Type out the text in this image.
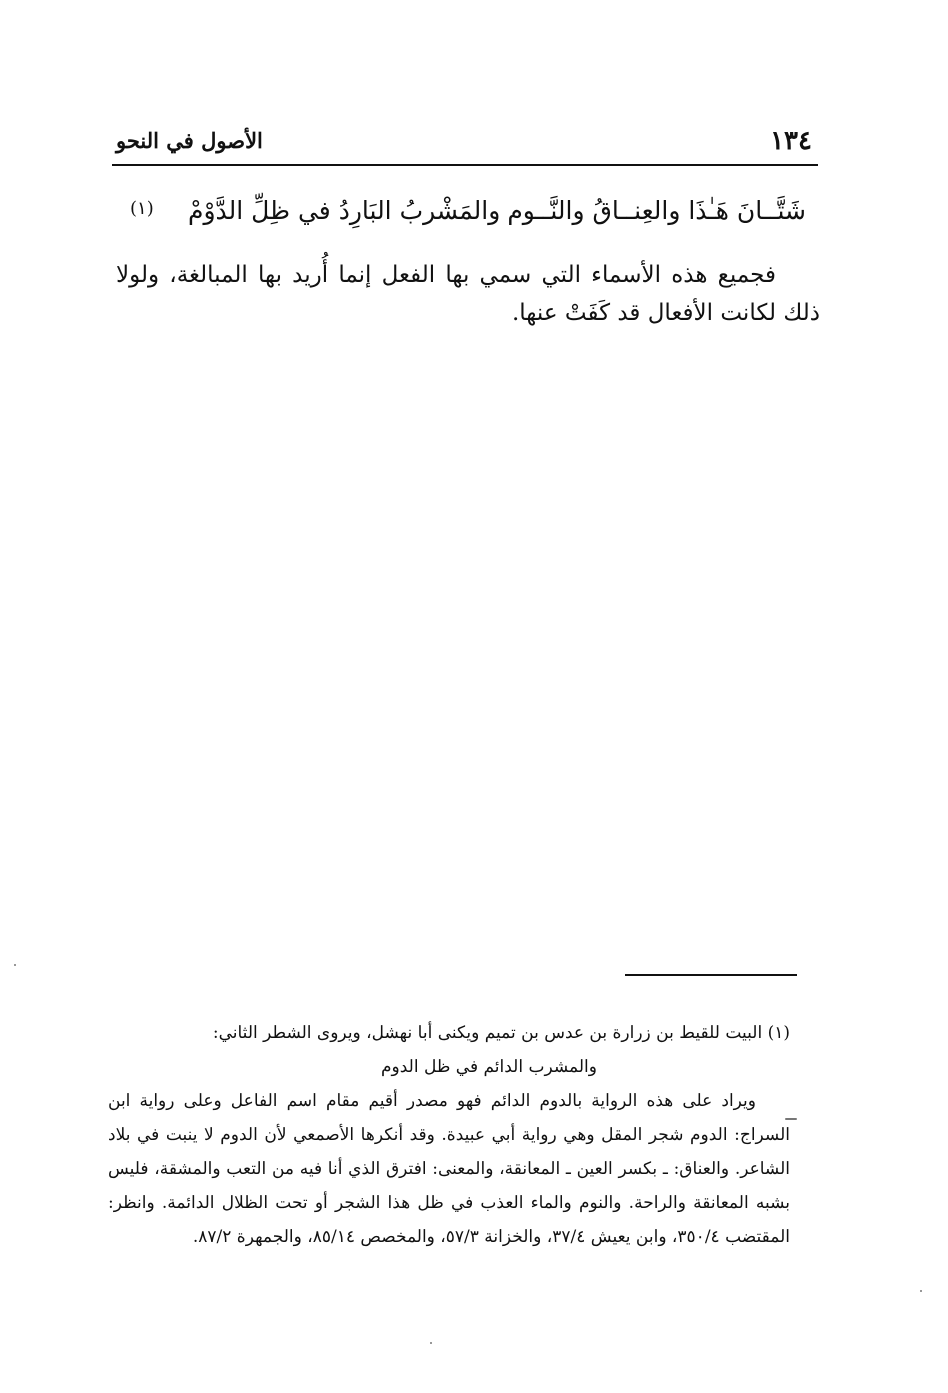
١٣٤
الأصول في النحو
شَتَّــانَ هَـٰذَا والعِنــاقُ والنَّــوم
والمَشْربُ البَارِدُ في ظِلِّ الدَّوْمْ
(١)

فجميع هذه الأسماء التي سمي بها الفعل إنما أُريد بها المبالغة، ولولا ذلك لكانت الأفعال قد كَفَتْ عنها.

(١) البيت للقيط بن زرارة بن عدس بن تميم ويكنى أبا نهشل، ويروى الشطر الثاني:

والمشرب الدائم في ظل الدوم

ويراد على هذه الرواية بالدوم الدائم فهو مصدر أقيم مقام اسم الفاعل وعلى رواية ابن السراج: الدوم شجر المقل وهي رواية أبي عبيدة. وقد أنكرها الأصمعي لأن الدوم لا ينبت في بلاد الشاعر. والعناق: ـ بكسر العين ـ المعانقة، والمعنى: افترق الذي أنا فيه من التعب والمشقة، فليس بشبه المعانقة والراحة. والنوم والماء العذب في ظل هذا الشجر أو تحت الظلال الدائمة. وانظر: المقتضب ٣٥٠/٤، وابن يعيش ٣٧/٤، والخزانة ٥٧/٣، والمخصص ٨٥/١٤، والجمهرة ٨٧/٢.
